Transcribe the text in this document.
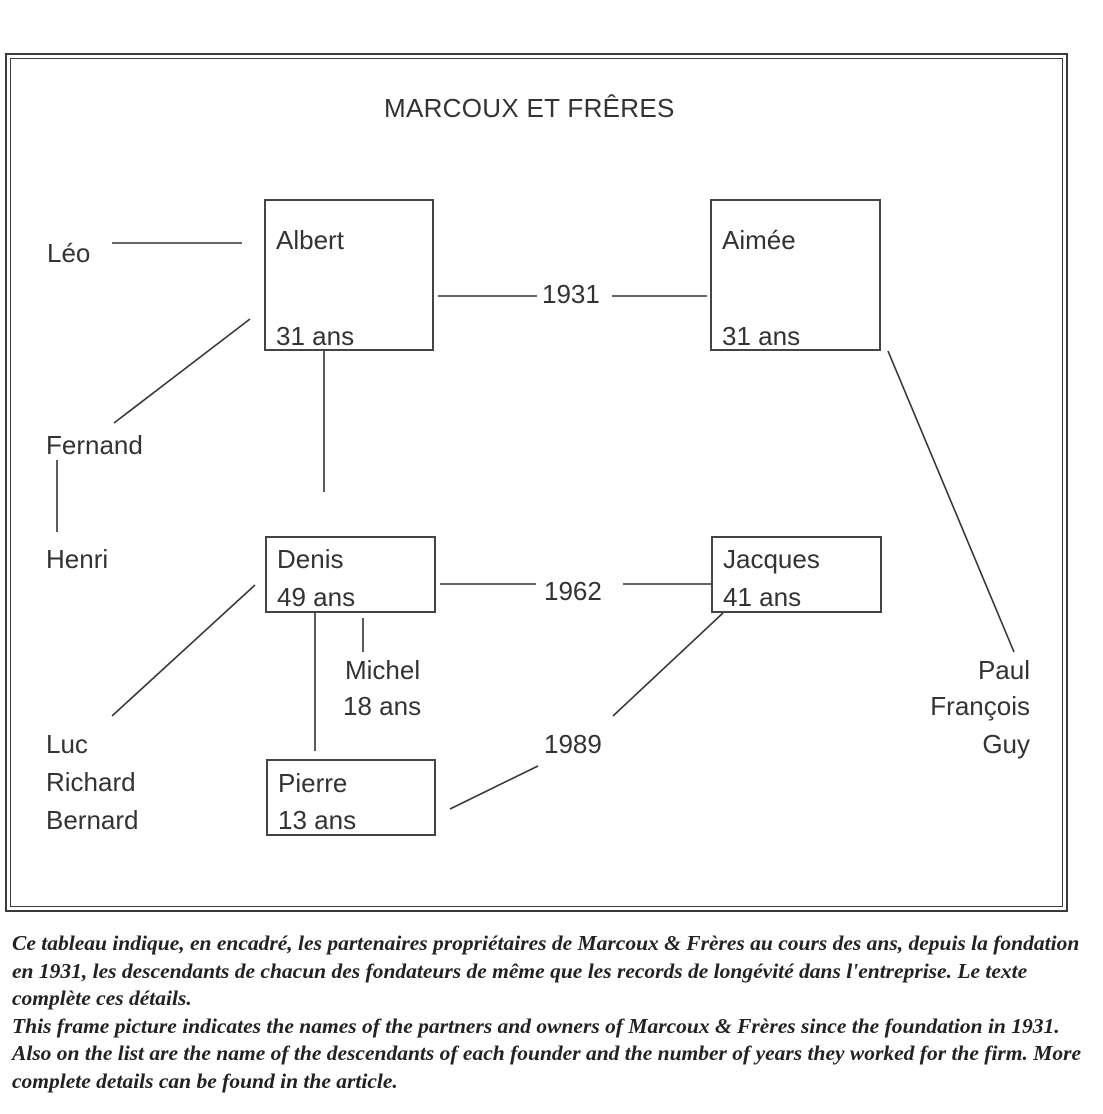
MARCOUX ET FRÊRES
Albert
31 ans
Aimée
31 ans
Denis
49 ans
Jacques
41 ans
Pierre
13 ans
1931
1962
1989
Léo
Fernand
Henri
Luc
Richard
Bernard
Michel
18 ans
Paul
François
Guy

Ce tableau indique, en encadré, les partenaires propriétaires de Marcoux & Frères au cours des ans, depuis la fondation en 1931, les descendants de chacun des fondateurs de même que les records de longévité dans l'entreprise. Le texte complète ces détails.

This frame picture indicates the names of the partners and owners of Marcoux & Frères since the foundation in 1931. Also on the list are the name of the descendants of each founder and the number of years they worked for the firm. More complete details can be found in the article.
